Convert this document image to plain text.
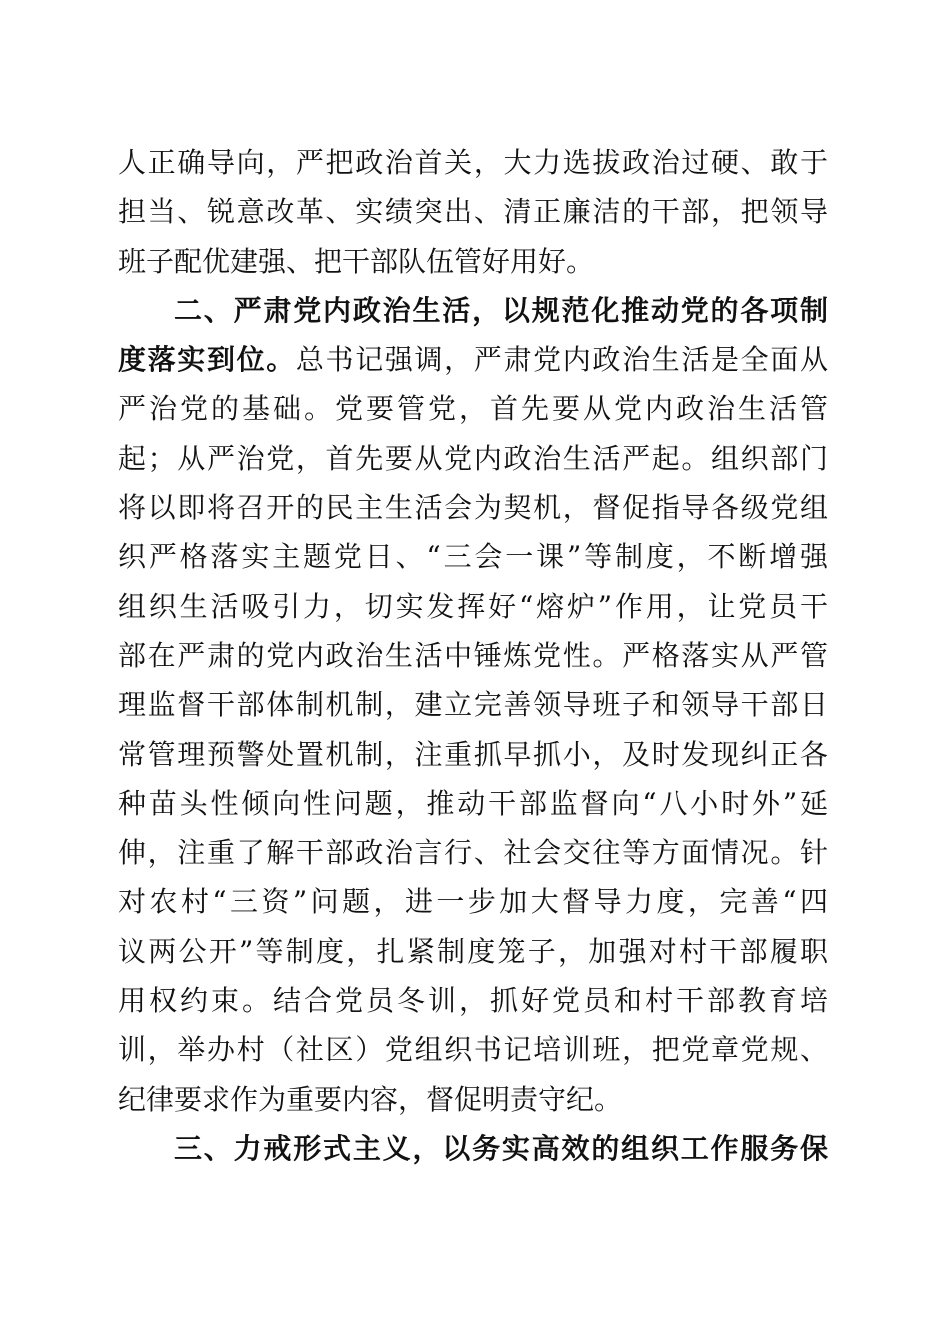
人正确导向，严把政治首关，大力选拔政治过硬、敢于
担当、锐意改革、实绩突出、清正廉洁的干部，把领导
班子配优建强、把干部队伍管好用好。
二、严肃党内政治生活，以规范化推动党的各项制
度落实到位。总书记强调，严肃党内政治生活是全面从
严治党的基础。党要管党，首先要从党内政治生活管
起；从严治党，首先要从党内政治生活严起。组织部门
将以即将召开的民主生活会为契机，督促指导各级党组
织严格落实主题党日、“三会一课”等制度，不断增强
组织生活吸引力，切实发挥好“熔炉”作用，让党员干
部在严肃的党内政治生活中锤炼党性。严格落实从严管
理监督干部体制机制，建立完善领导班子和领导干部日
常管理预警处置机制，注重抓早抓小，及时发现纠正各
种苗头性倾向性问题，推动干部监督向“八小时外”延
伸，注重了解干部政治言行、社会交往等方面情况。针
对农村“三资”问题，进一步加大督导力度，完善“四
议两公开”等制度，扎紧制度笼子，加强对村干部履职
用权约束。结合党员冬训，抓好党员和村干部教育培
训，举办村（社区）党组织书记培训班，把党章党规、
纪律要求作为重要内容，督促明责守纪。
三、力戒形式主义，以务实高效的组织工作服务保
